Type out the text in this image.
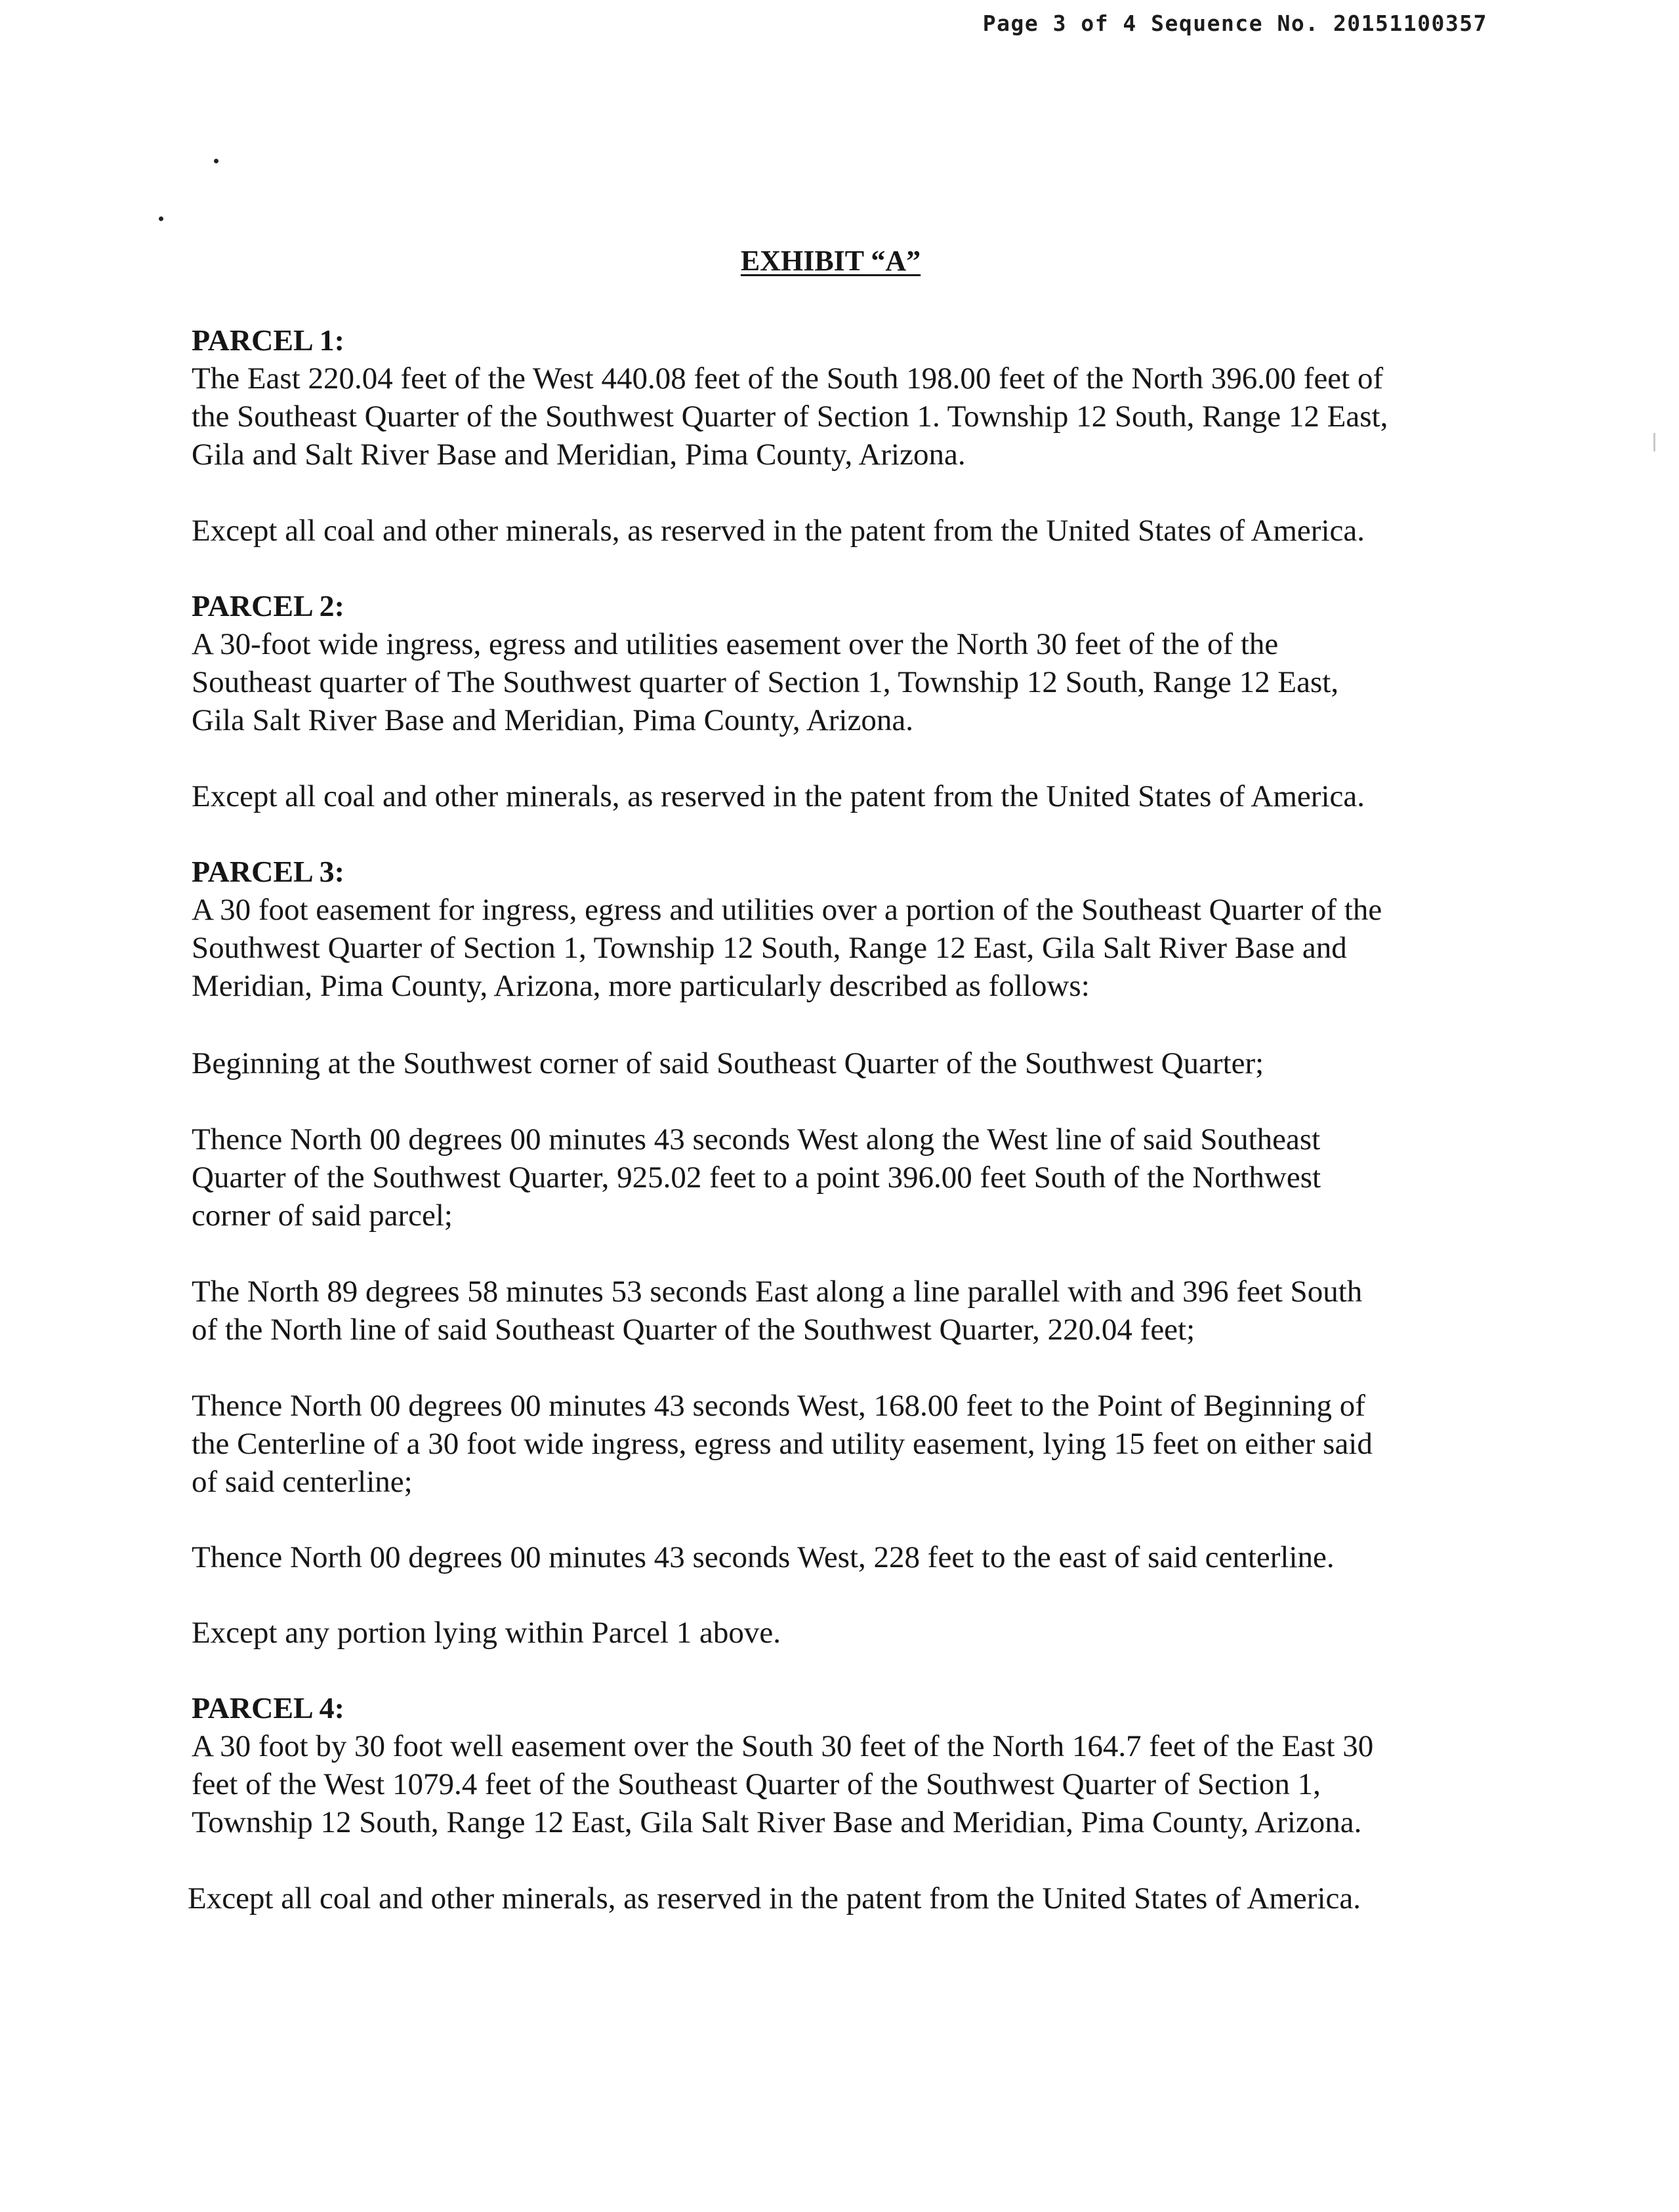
Page 3 of 4 Sequence No. 20151100357
EXHIBIT “A”

PARCEL 1:

The East 220.04 feet of the West 440.08 feet of the South 198.00 feet of the North 396.00 feet of
the Southeast Quarter of the Southwest Quarter of Section 1. Township 12 South, Range 12 East,
Gila and Salt River Base and Meridian, Pima County, Arizona.

Except all coal and other minerals, as reserved in the patent from the United States of America.

PARCEL 2:

A 30-foot wide ingress, egress and utilities easement over the North 30 feet of the of the
Southeast quarter of The Southwest quarter of Section 1, Township 12 South, Range 12 East,
Gila Salt River Base and Meridian, Pima County, Arizona.

Except all coal and other minerals, as reserved in the patent from the United States of America.

PARCEL 3:

A 30 foot easement for ingress, egress and utilities over a portion of the Southeast Quarter of the
Southwest Quarter of Section 1, Township 12 South, Range 12 East, Gila Salt River Base and
Meridian, Pima County, Arizona, more particularly described as follows:

Beginning at the Southwest corner of said Southeast Quarter of the Southwest Quarter;

Thence North 00 degrees 00 minutes 43 seconds West along the West line of said Southeast
Quarter of the Southwest Quarter, 925.02 feet to a point 396.00 feet South of the Northwest
corner of said parcel;

The North 89 degrees 58 minutes 53 seconds East along a line parallel with and 396 feet South
of the North line of said Southeast Quarter of the Southwest Quarter, 220.04 feet;

Thence North 00 degrees 00 minutes 43 seconds West, 168.00 feet to the Point of Beginning of
the Centerline of a 30 foot wide ingress, egress and utility easement, lying 15 feet on either said
of said centerline;

Thence North 00 degrees 00 minutes 43 seconds West, 228 feet to the east of said centerline.

Except any portion lying within Parcel 1 above.

PARCEL 4:

A 30 foot by 30 foot well easement over the South 30 feet of the North 164.7 feet of the East 30
feet of the West 1079.4 feet of the Southeast Quarter of the Southwest Quarter of Section 1,
Township 12 South, Range 12 East, Gila Salt River Base and Meridian, Pima County, Arizona.

Except all coal and other minerals, as reserved in the patent from the United States of America.
